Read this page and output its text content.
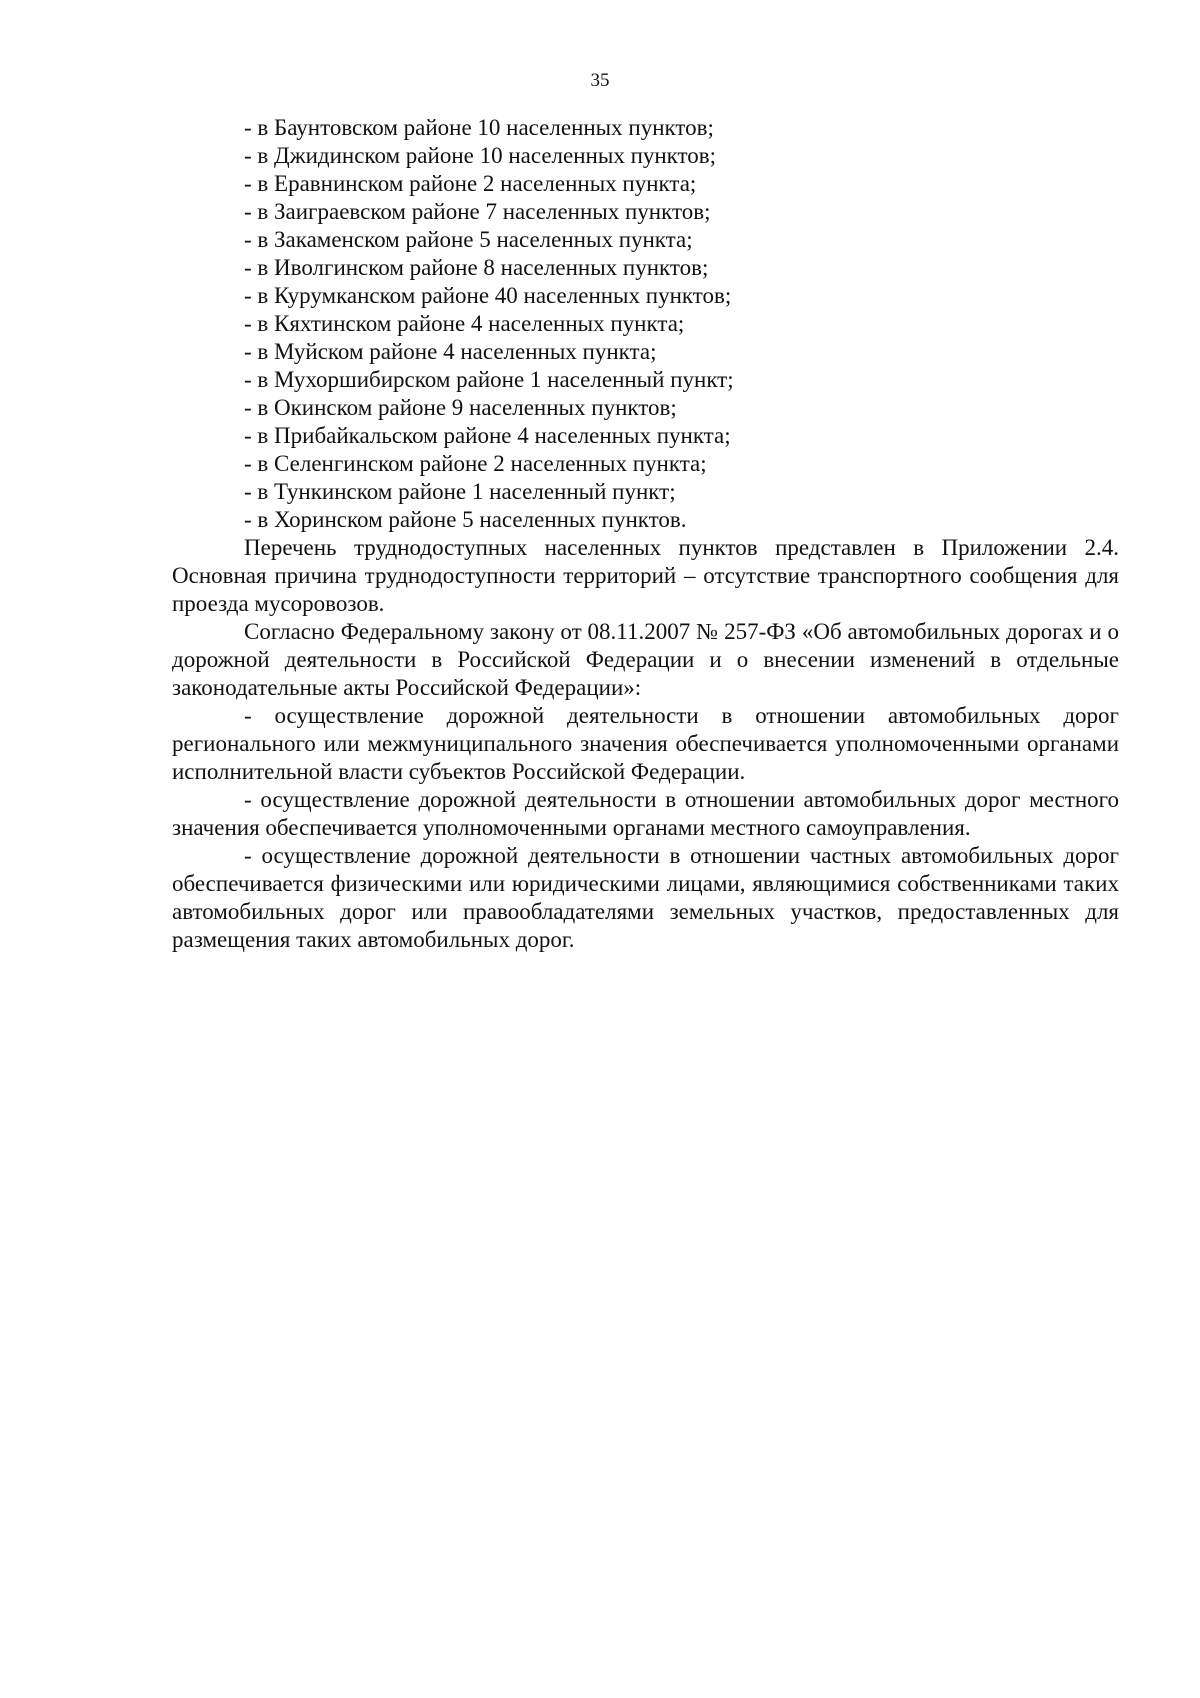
35
- в Баунтовском районе 10 населенных пунктов;
- в Джидинском районе 10 населенных пунктов;
- в Еравнинском районе 2 населенных пункта;
- в Заиграевском районе 7 населенных пунктов;
- в Закаменском районе 5 населенных пункта;
- в Иволгинском районе 8 населенных пунктов;
- в Курумканском районе 40 населенных пунктов;
- в Кяхтинском районе 4 населенных пункта;
- в Муйском районе 4 населенных пункта;
- в Мухоршибирском районе 1 населенный пункт;
- в Окинском районе 9 населенных пунктов;
- в Прибайкальском районе 4 населенных пункта;
- в Селенгинском районе 2 населенных пункта;
- в Тункинском районе 1 населенный пункт;
- в Хоринском районе 5 населенных пунктов.

Перечень труднодоступных населенных пунктов представлен в Приложении 2.4. Основная причина труднодоступности территорий – отсутствие транспортного сообщения для проезда мусоровозов.

Согласно Федеральному закону от 08.11.2007 № 257-ФЗ «Об автомобильных дорогах и о дорожной деятельности в Российской Федерации и о внесении изменений в отдельные законодательные акты Российской Федерации»:

- осуществление дорожной деятельности в отношении автомобильных дорог регионального или межмуниципального значения обеспечивается уполномоченными органами исполнительной власти субъектов Российской Федерации.

- осуществление дорожной деятельности в отношении автомобильных дорог местного значения обеспечивается уполномоченными органами местного самоуправления.

- осуществление дорожной деятельности в отношении частных автомобильных дорог обеспечивается физическими или юридическими лицами, являющимися собственниками таких автомобильных дорог или правообладателями земельных участков, предоставленных для размещения таких автомобильных дорог.
